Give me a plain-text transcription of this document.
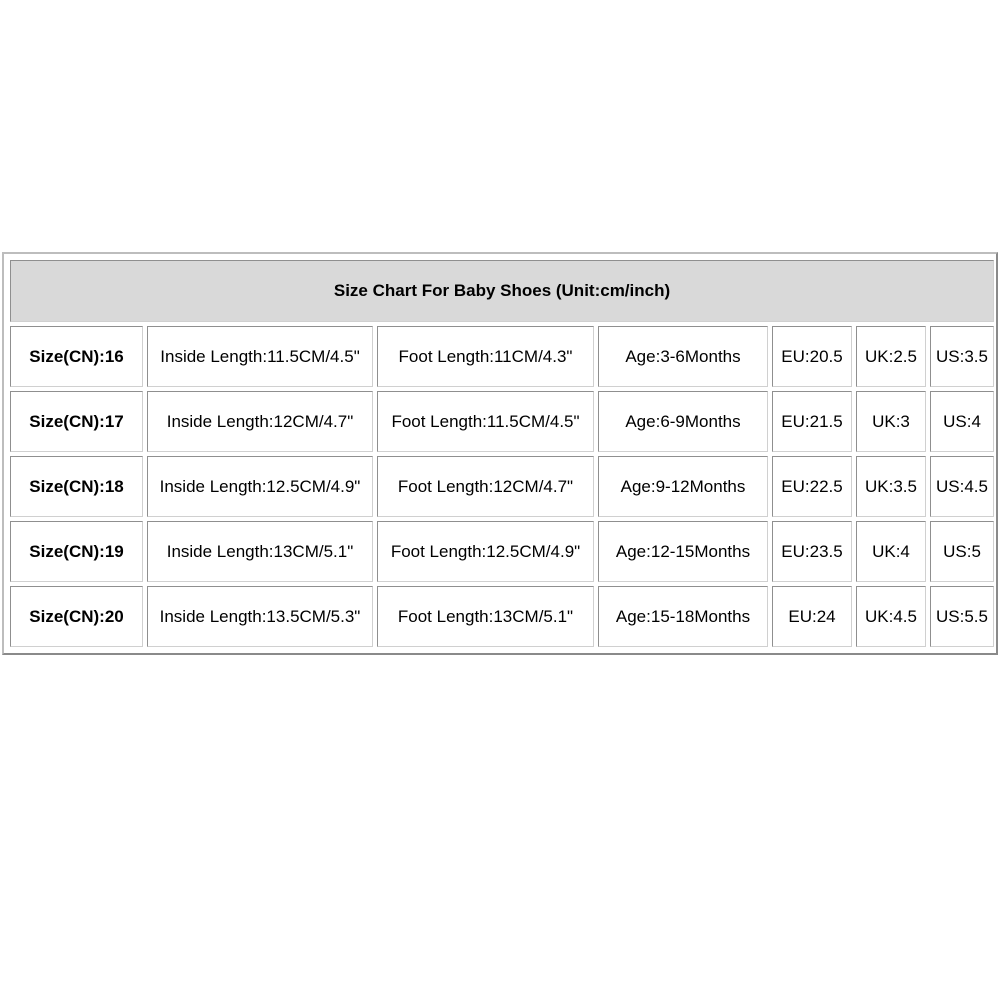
Size Chart For Baby Shoes (Unit:cm/inch)						
Size(CN):16	Inside Length:11.5CM/4.5"	Foot Length:11CM/4.3"	Age:3-6Months	EU:20.5	UK:2.5	US:3.5
Size(CN):17	Inside Length:12CM/4.7"	Foot Length:11.5CM/4.5"	Age:6-9Months	EU:21.5	UK:3	US:4
Size(CN):18	Inside Length:12.5CM/4.9"	Foot Length:12CM/4.7"	Age:9-12Months	EU:22.5	UK:3.5	US:4.5
Size(CN):19	Inside Length:13CM/5.1"	Foot Length:12.5CM/4.9"	Age:12-15Months	EU:23.5	UK:4	US:5
Size(CN):20	Inside Length:13.5CM/5.3"	Foot Length:13CM/5.1"	Age:15-18Months	EU:24	UK:4.5	US:5.5
